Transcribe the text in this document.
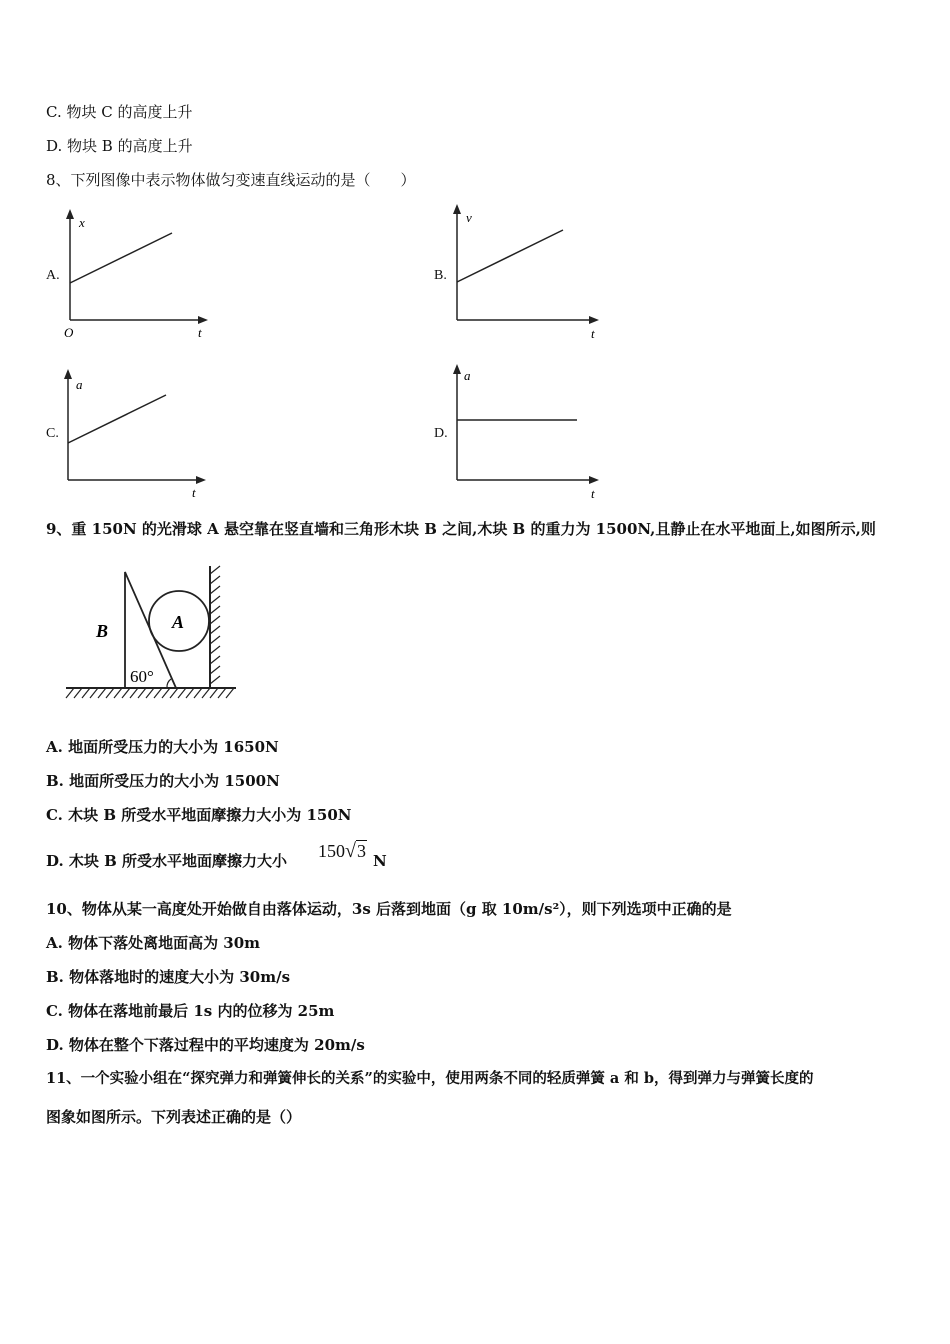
C. 物块 C 的高度上升
D. 物块 B 的高度上升
8、下列图像中表示物体做匀变速直线运动的是（　　）
A.
x
t
O
B.
v
t
C.
a
t
D.
a
t
9、重 150N 的光滑球 A 悬空靠在竖直墙和三角形木块 B 之间,木块 B 的重力为 1500N,且静止在水平地面上,如图所示,则
A
B
60°
A. 地面所受压力的大小为 1650N
B. 地面所受压力的大小为 1500N
C. 木块 B 所受水平地面摩擦力大小为 150N
D. 木块 B 所受水平地面摩擦力大小 150√3 N
10、物体从某一高度处开始做自由落体运动，3s 后落到地面（g 取 10m/s²），则下列选项中正确的是
A. 物体下落处离地面高为 30m
B. 物体落地时的速度大小为 30m/s
C. 物体在落地前最后 1s 内的位移为 25m
D. 物体在整个下落过程中的平均速度为 20m/s
11、一个实验小组在“探究弹力和弹簧伸长的关系”的实验中，使用两条不同的轻质弹簧 a 和 b，得到弹力与弹簧长度的
图象如图所示。下列表述正确的是（）
